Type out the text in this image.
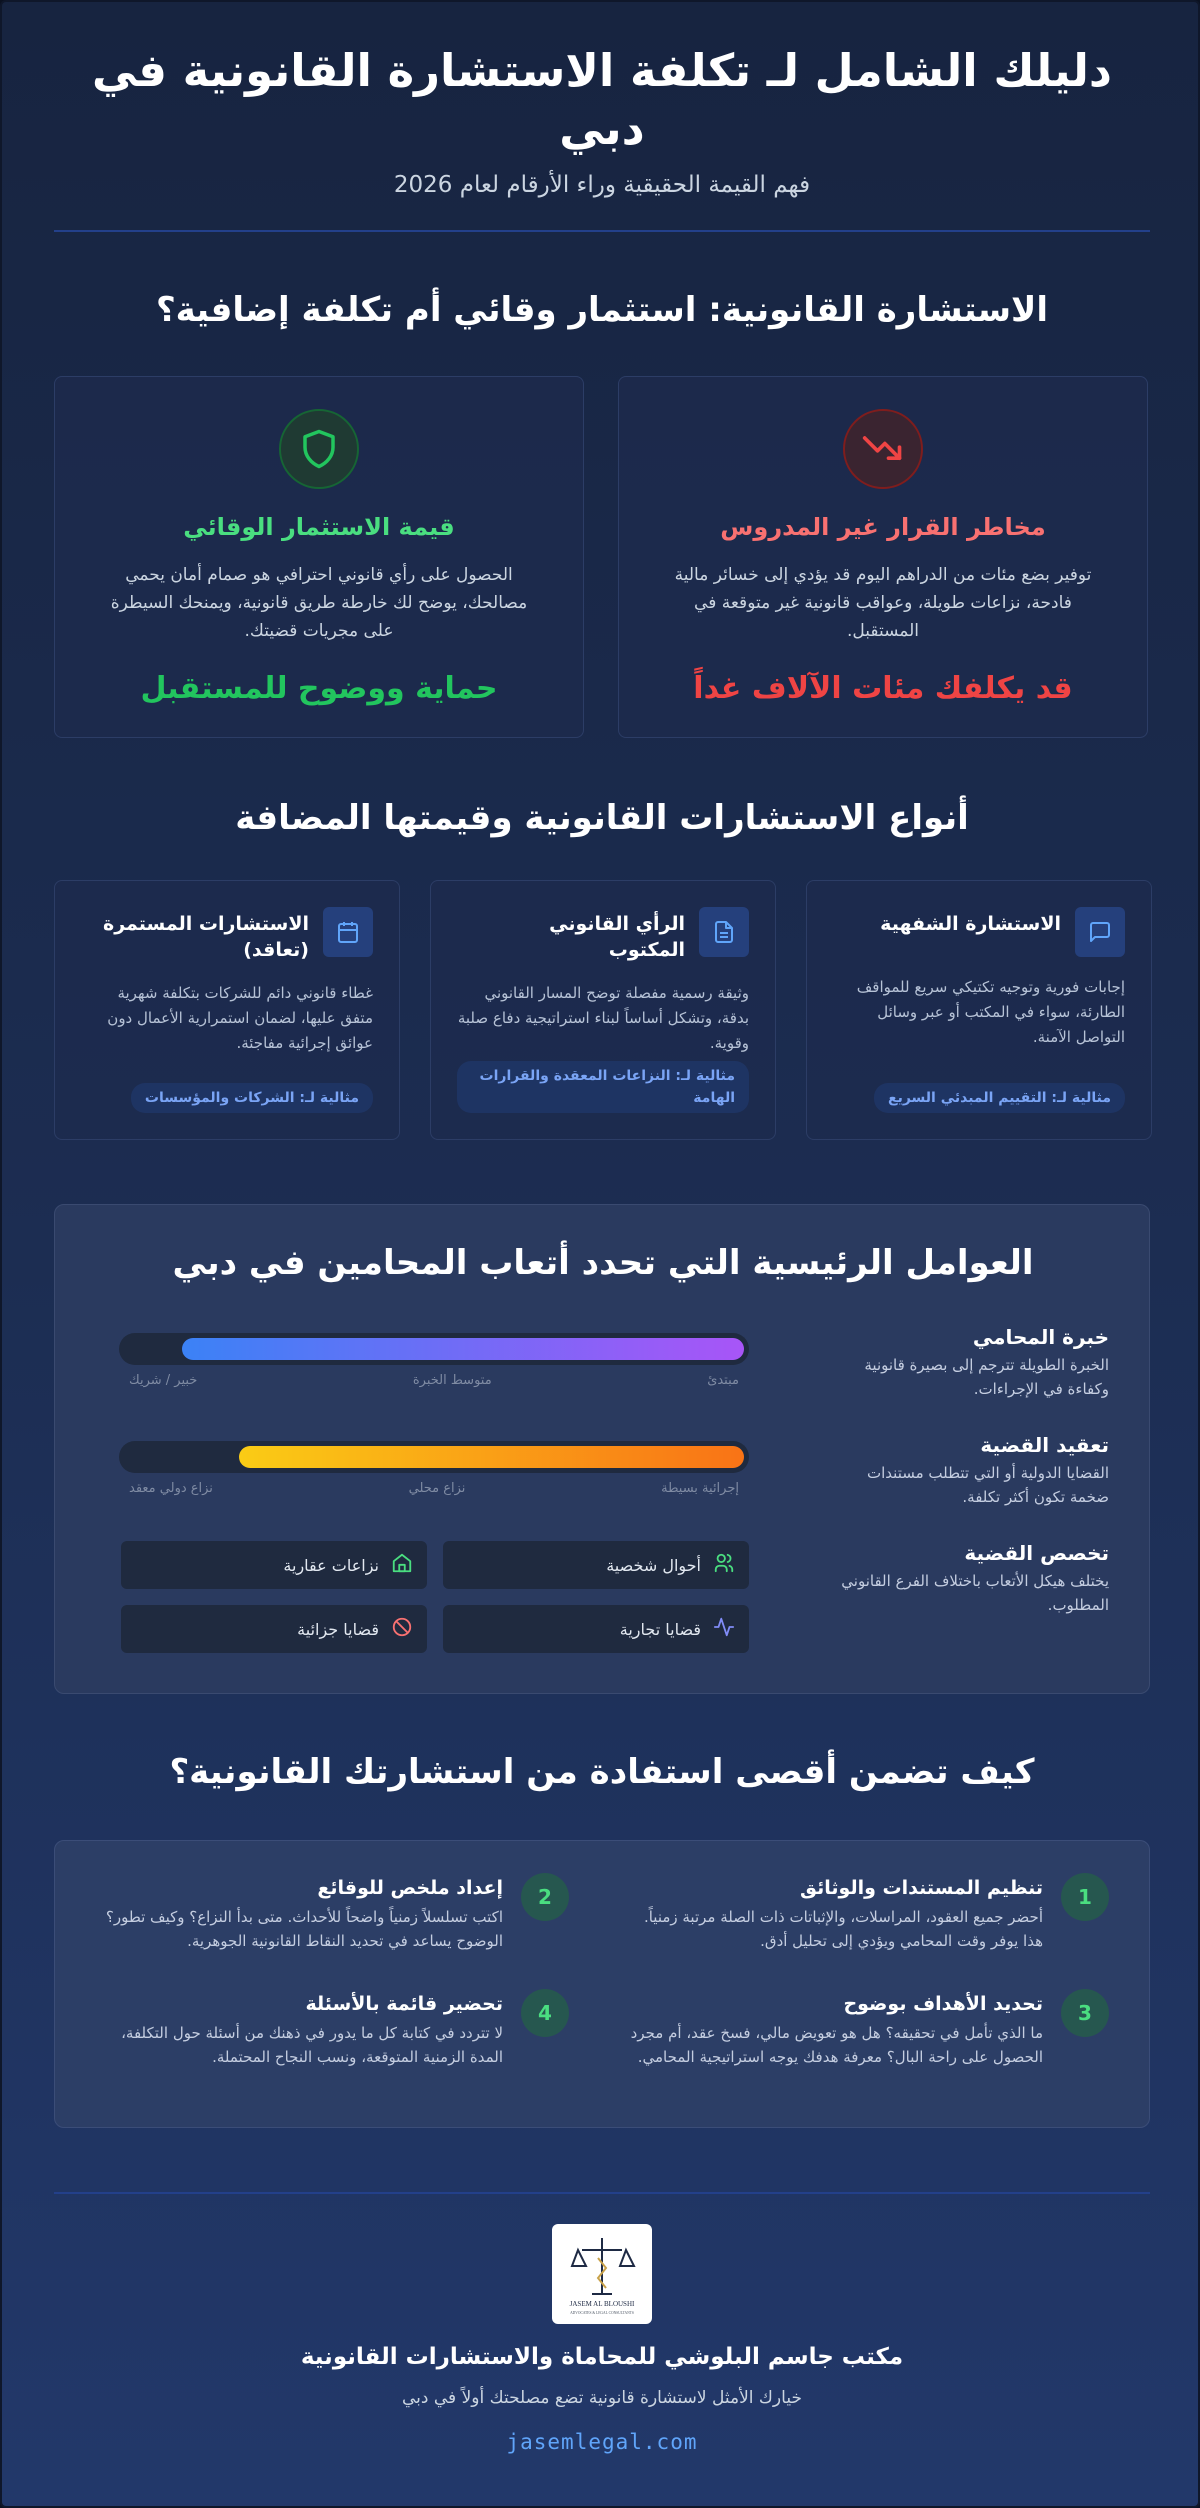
دليلك الشامل لـ تكلفة الاستشارة القانونية في دبي

فهم القيمة الحقيقية وراء الأرقام لعام 2026

الاستشارة القانونية: استثمار وقائي أم تكلفة إضافية؟
مخاطر القرار غير المدروس

توفير بضع مئات من الدراهم اليوم قد يؤدي إلى خسائر مالية فادحة، نزاعات طويلة، وعواقب قانونية غير متوقعة في المستقبل.

قد يكلفك مئات الآلاف غداً
قيمة الاستثمار الوقائي

الحصول على رأي قانوني احترافي هو صمام أمان يحمي مصالحك، يوضح لك خارطة طريق قانونية، ويمنحك السيطرة على مجريات قضيتك.

حماية ووضوح للمستقبل
أنواع الاستشارات القانونية وقيمتها المضافة
الاستشارة الشفهية
إجابات فورية وتوجيه تكتيكي سريع للمواقف الطارئة، سواء في المكتب أو عبر وسائل التواصل الآمنة.
مثالية لـ: التقييم المبدئي السريع
الرأي القانوني المكتوب
وثيقة رسمية مفصلة توضح المسار القانوني بدقة، وتشكل أساساً لبناء استراتيجية دفاع صلبة وقوية.
مثالية لـ: النزاعات المعقدة والقرارات الهامة
الاستشارات المستمرة (تعاقد)
غطاء قانوني دائم للشركات بتكلفة شهرية متفق عليها، لضمان استمرارية الأعمال دون عوائق إجرائية مفاجئة.
مثالية لـ: الشركات والمؤسسات
العوامل الرئيسية التي تحدد أتعاب المحامين في دبي
خبرة المحامي

الخبرة الطويلة تترجم إلى بصيرة قانونية وكفاءة في الإجراءات.

مبتدئ
متوسط الخبرة
خبير / شريك
تعقيد القضية

القضايا الدولية أو التي تتطلب مستندات ضخمة تكون أكثر تكلفة.

إجرائية بسيطة
نزاع محلي
نزاع دولي معقد
تخصص القضية

يختلف هيكل الأتعاب باختلاف الفرع القانوني المطلوب.

أحوال شخصية
نزاعات عقارية
قضايا تجارية
قضايا جزائية
كيف تضمن أقصى استفادة من استشارتك القانونية؟
1
تنظيم المستندات والوثائق

أحضر جميع العقود، المراسلات، والإثباتات ذات الصلة مرتبة زمنياً. هذا يوفر وقت المحامي ويؤدي إلى تحليل أدق.

2
إعداد ملخص للوقائع

اكتب تسلسلاً زمنياً واضحاً للأحداث. متى بدأ النزاع؟ وكيف تطور؟ الوضوح يساعد في تحديد النقاط القانونية الجوهرية.

3
تحديد الأهداف بوضوح

ما الذي تأمل في تحقيقه؟ هل هو تعويض مالي، فسخ عقد، أم مجرد الحصول على راحة البال؟ معرفة هدفك يوجه استراتيجية المحامي.

4
تحضير قائمة بالأسئلة

لا تتردد في كتابة كل ما يدور في ذهنك من أسئلة حول التكلفة، المدة الزمنية المتوقعة، ونسب النجاح المحتملة.

JASEM AL BLOUSHI
ADVOCATES & LEGAL CONSULTANTS
مكتب جاسم البلوشي للمحاماة والاستشارات القانونية
خيارك الأمثل لاستشارة قانونية تضع مصلحتك أولاً في دبي
jasemlegal.com
